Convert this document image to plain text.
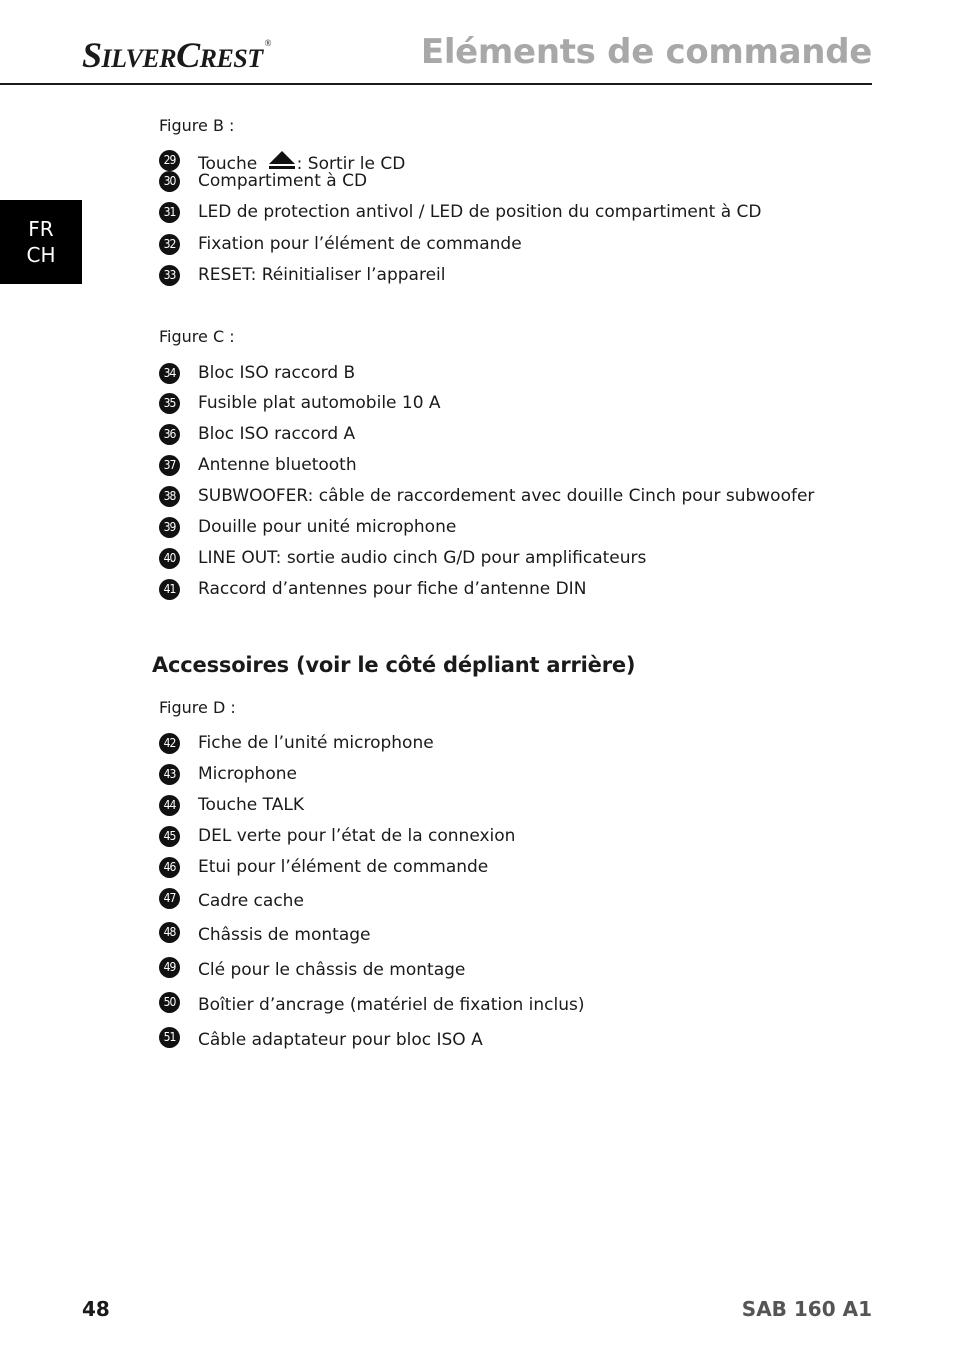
SILVERCREST®	Eléments de commande
FR
CH
Figure B :
29 Touche : Sortir le CD
30 Compartiment à CD
31 LED de protection antivol / LED de position du compartiment à CD
32 Fixation pour l’élément de commande
33 RESET: Réinitialiser l’appareil
Figure C :
34 Bloc ISO raccord B
35 Fusible plat automobile 10 A
36 Bloc ISO raccord A
37 Antenne bluetooth
38 SUBWOOFER: câble de raccordement avec douille Cinch pour subwoofer
39 Douille pour unité microphone
40 LINE OUT: sortie audio cinch G/D pour amplificateurs
41 Raccord d’antennes pour fiche d’antenne DIN
Accessoires (voir le côté dépliant arrière)
Figure D :
42 Fiche de l’unité microphone
43 Microphone
44 Touche TALK
45 DEL verte pour l’état de la connexion
46 Etui pour l’élément de commande
47 Cadre cache
48 Châssis de montage
49 Clé pour le châssis de montage
50 Boîtier d’ancrage (matériel de fixation inclus)
51 Câble adaptateur pour bloc ISO A
48	SAB 160 A1
